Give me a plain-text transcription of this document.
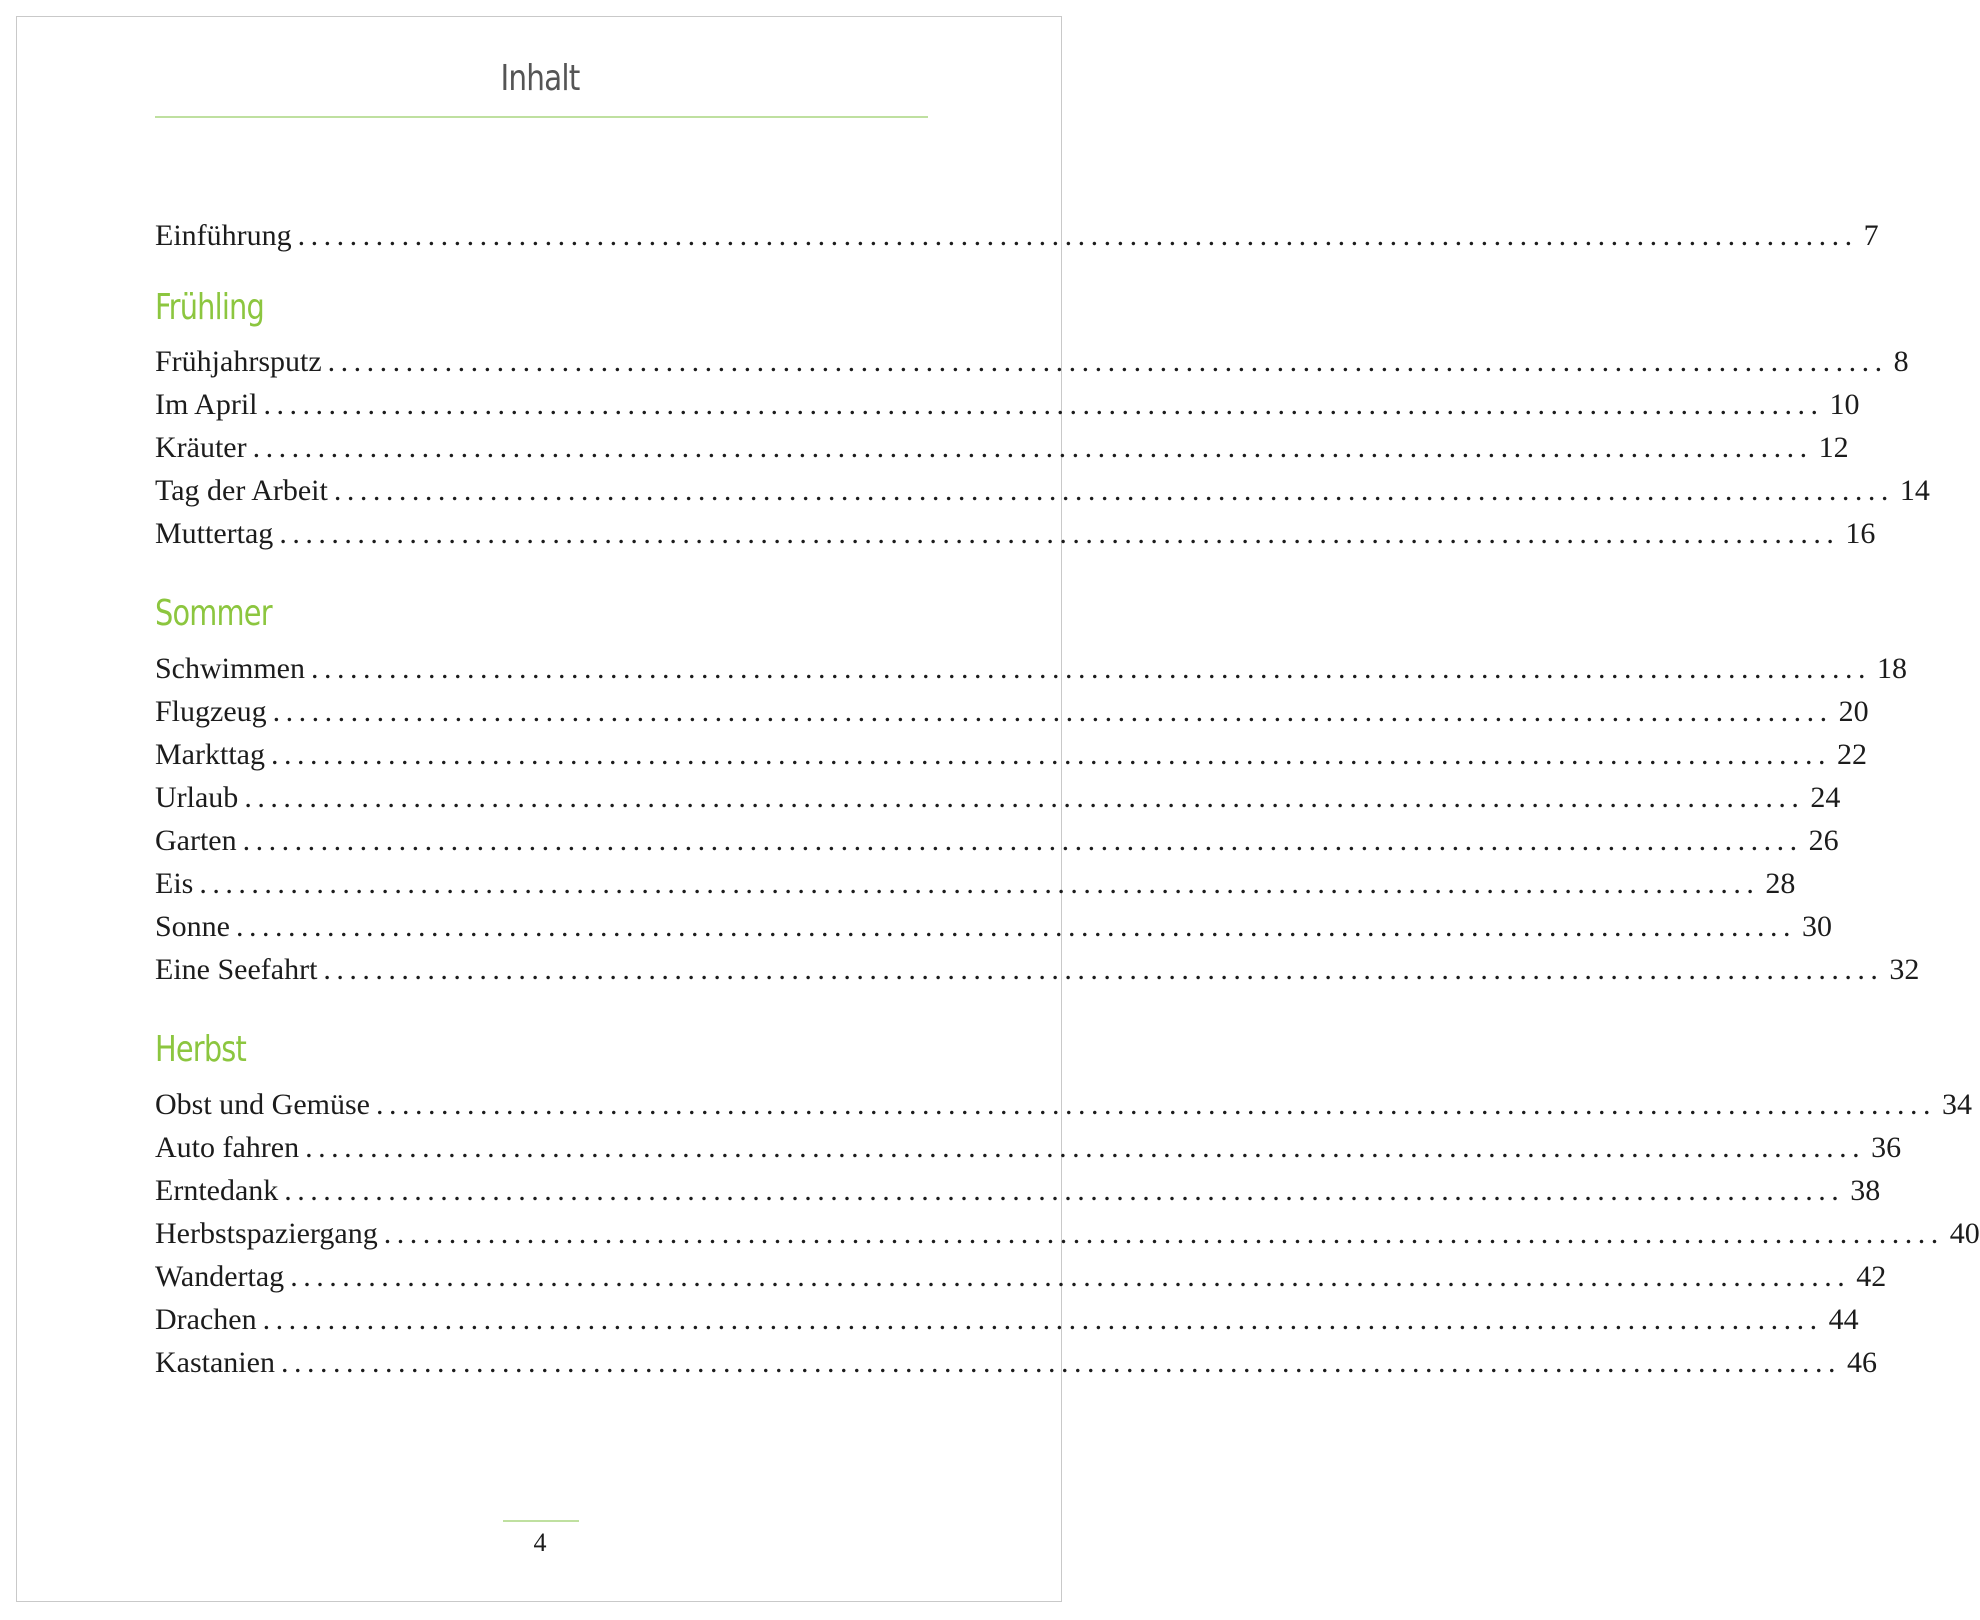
Inhalt
Einführung ........................................................................................................................ 7
Frühling
Frühjahrsputz ........................................................................................................................ 8
Im April ........................................................................................................................ 10
Kräuter ........................................................................................................................ 12
Tag der Arbeit ........................................................................................................................ 14
Muttertag ........................................................................................................................ 16
Sommer
Schwimmen ........................................................................................................................ 18
Flugzeug ........................................................................................................................ 20
Markttag ........................................................................................................................ 22
Urlaub ........................................................................................................................ 24
Garten ........................................................................................................................ 26
Eis ........................................................................................................................ 28
Sonne ........................................................................................................................ 30
Eine Seefahrt ........................................................................................................................ 32
Herbst
Obst und Gemüse ........................................................................................................................ 34
Auto fahren ........................................................................................................................ 36
Erntedank ........................................................................................................................ 38
Herbstspaziergang ........................................................................................................................ 40
Wandertag ........................................................................................................................ 42
Drachen ........................................................................................................................ 44
Kastanien ........................................................................................................................ 46
4
